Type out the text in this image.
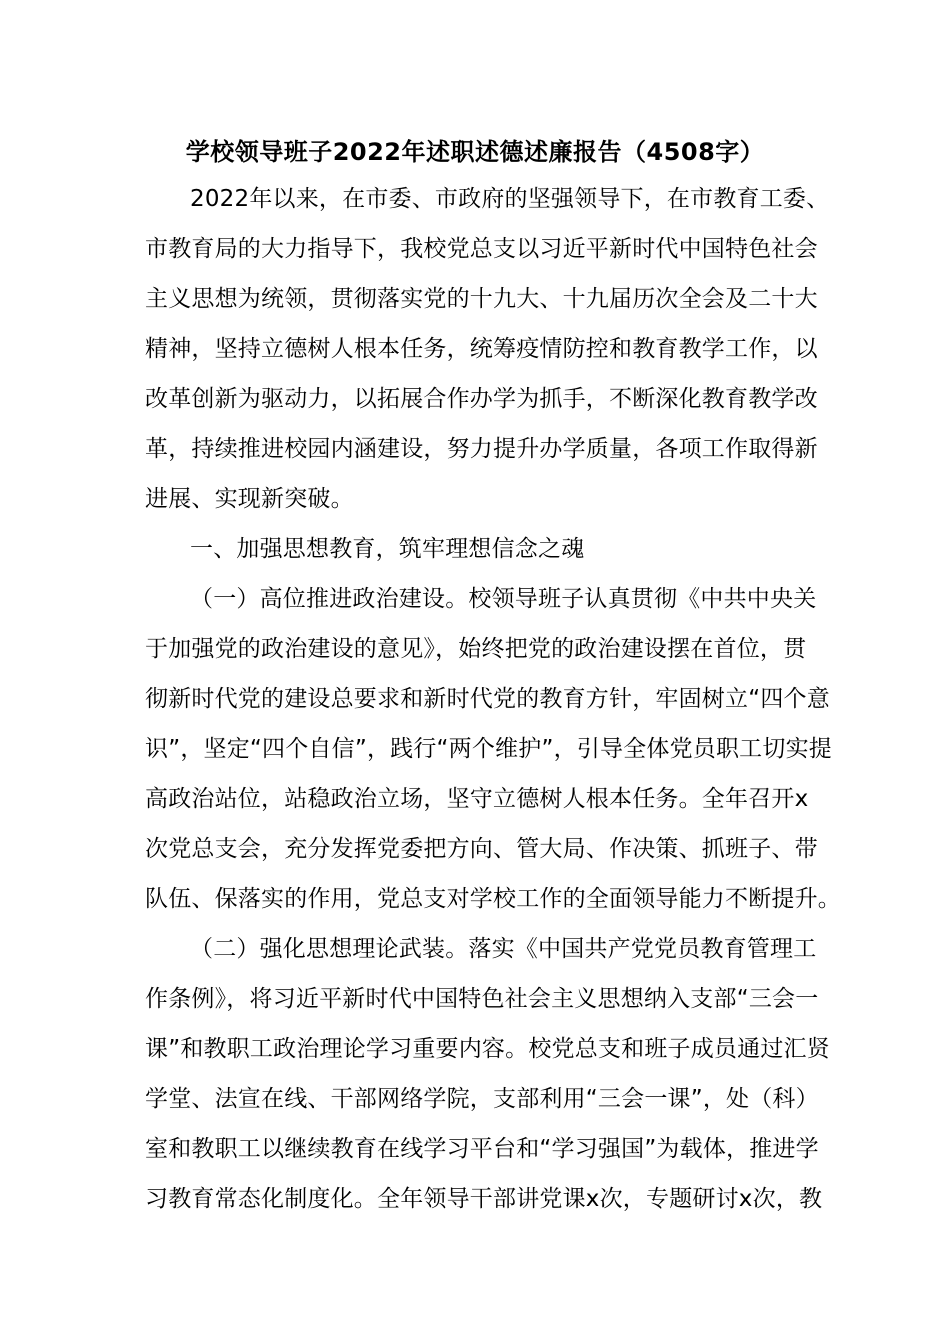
学校领导班子2022年述职述德述廉报告（4508字）

2022年以来，在市委、市政府的坚强领导下，在市教育工委、

市教育局的大力指导下，我校党总支以习近平新时代中国特色社会

主义思想为统领，贯彻落实党的十九大、十九届历次全会及二十大

精神，坚持立德树人根本任务，统筹疫情防控和教育教学工作，以

改革创新为驱动力，以拓展合作办学为抓手，不断深化教育教学改

革，持续推进校园内涵建设，努力提升办学质量，各项工作取得新

进展、实现新突破。

一、加强思想教育，筑牢理想信念之魂

（一）高位推进政治建设。校领导班子认真贯彻《中共中央关

于加强党的政治建设的意见》，始终把党的政治建设摆在首位，贯

彻新时代党的建设总要求和新时代党的教育方针，牢固树立“四个意

识”，坚定“四个自信”，践行“两个维护”，引导全体党员职工切实提

高政治站位，站稳政治立场，坚守立德树人根本任务。全年召开x

次党总支会，充分发挥党委把方向、管大局、作决策、抓班子、带

队伍、保落实的作用，党总支对学校工作的全面领导能力不断提升。

（二）强化思想理论武装。落实《中国共产党党员教育管理工

作条例》，将习近平新时代中国特色社会主义思想纳入支部“三会一

课”和教职工政治理论学习重要内容。校党总支和班子成员通过汇贤

学堂、法宣在线、干部网络学院，支部利用“三会一课”，处（科）

室和教职工以继续教育在线学习平台和“学习强国”为载体，推进学

习教育常态化制度化。全年领导干部讲党课x次，专题研讨x次，教
